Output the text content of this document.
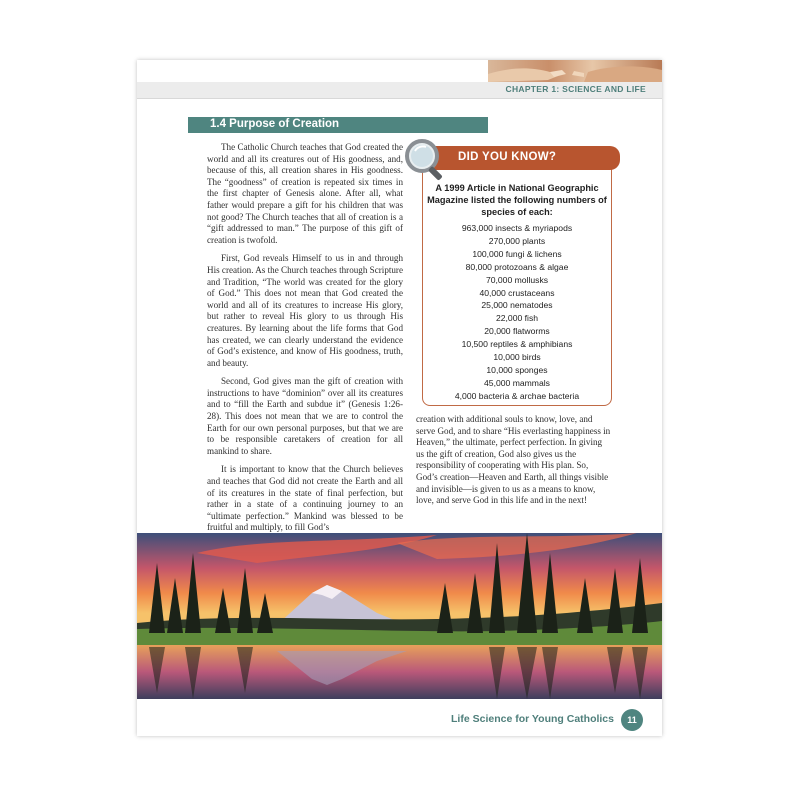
CHAPTER 1: SCIENCE AND LIFE
1.4 Purpose of Creation

The Catholic Church teaches that God created the world and all its creatures out of His goodness, and, because of this, all creation shares in His goodness. The “goodness” of creation is repeated six times in the first chapter of Genesis alone. After all, what father would prepare a gift for his children that was not good? The Church teaches that all of creation is a “gift addressed to man.” The purpose of this gift of creation is twofold.

First, God reveals Himself to us in and through His creation. As the Church teaches through Scripture and Tradition, “The world was created for the glory of God.” This does not mean that God created the world and all of its creatures to increase His glory, but rather to reveal His glory to us through His creatures. By learning about the life forms that God has created, we can clearly understand the evidence of God’s existence, and know of His goodness, truth, and beauty.

Second, God gives man the gift of creation with instructions to have “dominion” over all its creatures and to “fill the Earth and subdue it” (Genesis 1:26-28). This does not mean that we are to control the Earth for our own personal purposes, but that we are to be responsible caretakers of creation for all mankind to share.

It is important to know that the Church believes and teaches that God did not create the Earth and all of its creatures in the state of final perfection, but rather in a state of a continuing journey to an “ultimate perfection.” Mankind was blessed to be fruitful and multiply, to fill God’s

DID YOU KNOW?
A 1999 Article in National Geographic Magazine listed the following numbers of species of each:
963,000 insects & myriapods
270,000 plants
100,000 fungi & lichens
80,000 protozoans & algae
70,000 mollusks
40,000 crustaceans
25,000 nematodes
22,000 fish
20,000 flatworms
10,500 reptiles & amphibians
10,000 birds
10,000 sponges
45,000 mammals
4,000 bacteria & archae bacteria

creation with additional souls to know, love, and serve God, and to share “His everlasting happiness in Heaven,” the ultimate, perfect perfection. In giving us the gift of creation, God also gives us the responsibility of cooperating with His plan. So, God’s creation—Heaven and Earth, all things visible and invisible—is given to us as a means to know, love, and serve God in this life and in the next!

Life Science for Young Catholics	11
